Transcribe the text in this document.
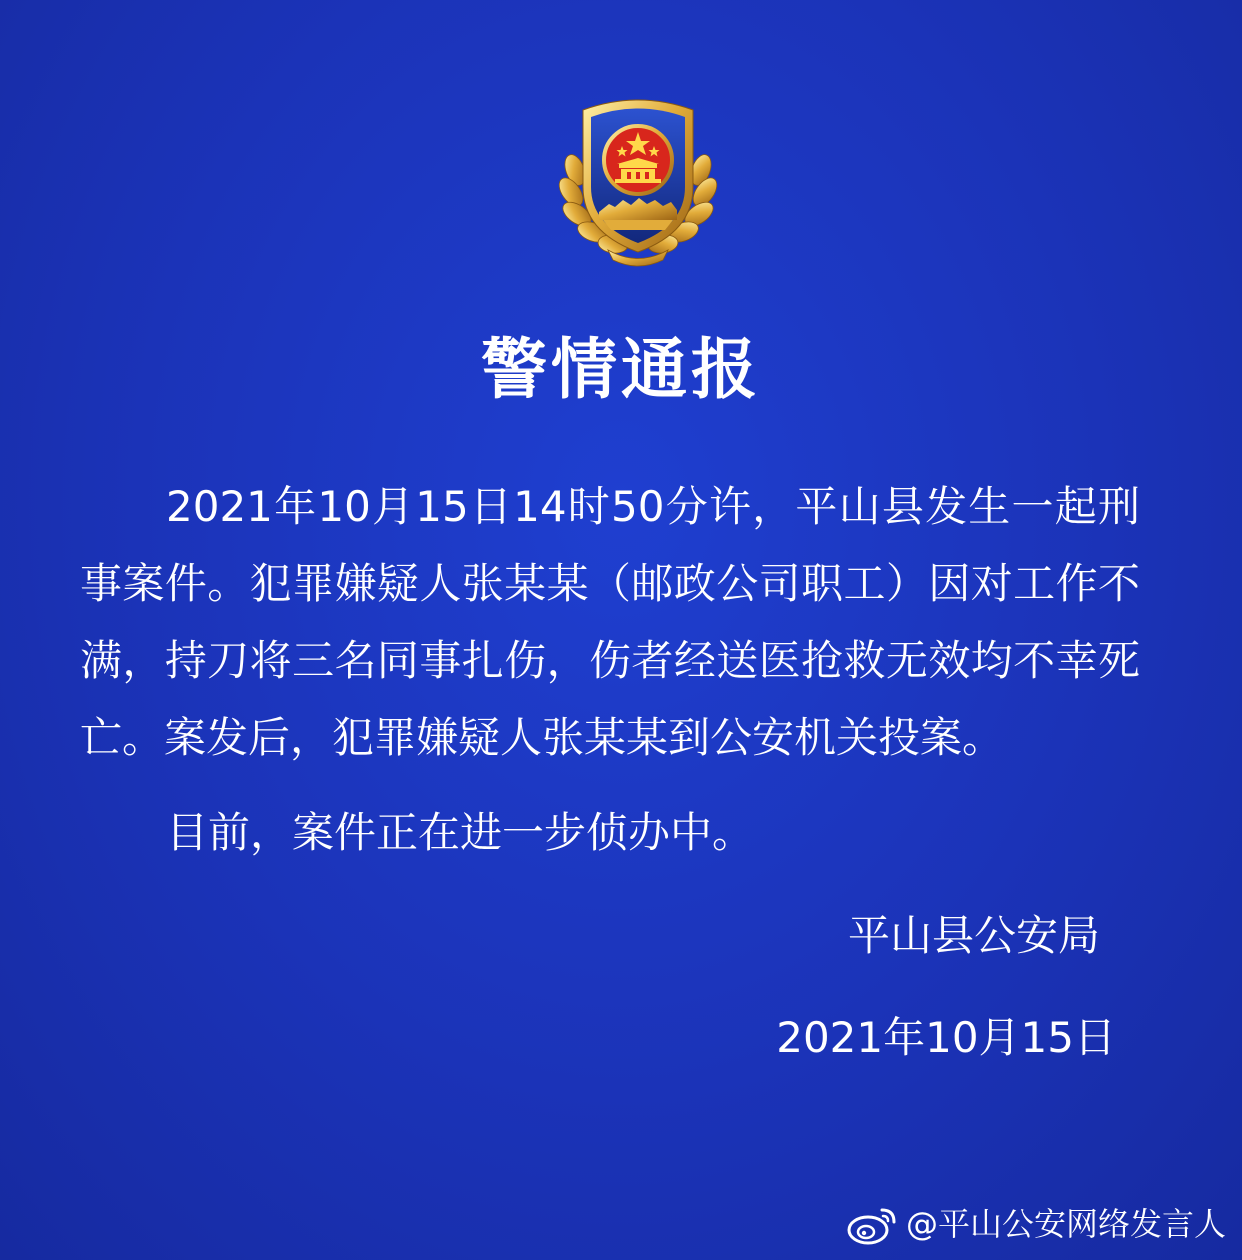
警情通报

2021年10月15日14时50分许，平山县发生一起刑事案件。犯罪嫌疑人张某某（邮政公司职工）因对工作不满，持刀将三名同事扎伤，伤者经送医抢救无效均不幸死亡。案发后，犯罪嫌疑人张某某到公安机关投案。

目前，案件正在进一步侦办中。

平山县公安局
2021年10月15日
@平山公安网络发言人
